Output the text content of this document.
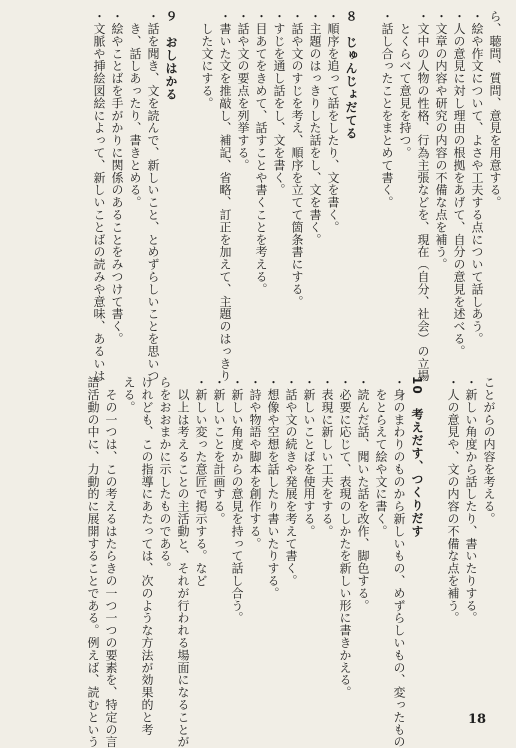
ら、聴問、質問、意見を用意する。
・絵や作文について、よさや工夫する点について話しあう。
・人の意見に対し理由の根拠をあげて、自分の意見を述べる。
・文章の内容や研究の内容の不備な点を補う。
・文中の人物の性格、行為主張などを、現在（自分、社会）の立場
　とくらべて意見を持つ。
・話し合ったことをまとめて書く。

８　じゅんじょだてる
・順序を追って話をしたり、文を書く。
・主題のはっきりした話をし、文を書く。
・話や文のすじを考え、順序を立てて箇条書にする。
・すじを通し話をし、文を書く。
・目あてをきめて、話すことや書くことを考える。
・話や文の要点を列挙する。
・書いた文を推敲し、補記、省略、訂正を加えて、主題のはっきり
　した文にする。

９　おしはかる
・話を聞き、文を読んで、新しいこと、とめずらしいことを思いつ
　き、話しあったり、書きとめる。
・絵やことばを手がかりに関係のあることをみつけて書く。
・文脈や挿絵図絵によって、新しいことばの読みや意味、あるいは
ことがらの内容を考える。
・新しい角度から話したり、書いたりする。
・人の意見や、文の内容の不備な点を補う。

10　考えだす、つくりだす
・身のまわりのものから新しいもの、めずらしいもの、変ったもの
　をとらえて絵や文に書く。
・読んだ話、聞いた話を改作、脚色する。
・必要に応じて、表現のしかたを新しい形に書きかえる。
・表現に新しい工夫をする。
・新しいことばを使用する。
・話や文の続きや発展を考えて書く。
・想像や空想を話したり書いたりする。
・詩や物語や脚本を創作する。
・新しい角度からの意見を持って話し合う。
・新しいことを計画する。
・新しい変った意匠で掲示する。など
　以上は考えることの主活動と、それが行われる場面になることが
らをおおまかに示したものである。
けれども、この指導にあたっては、次のような方法が効果的と考
える。
　その一つは、この考えるはたらきの一つ一つの要素を、特定の言
語活動の中に、力動的に展開することである。例えば、読むという	18
